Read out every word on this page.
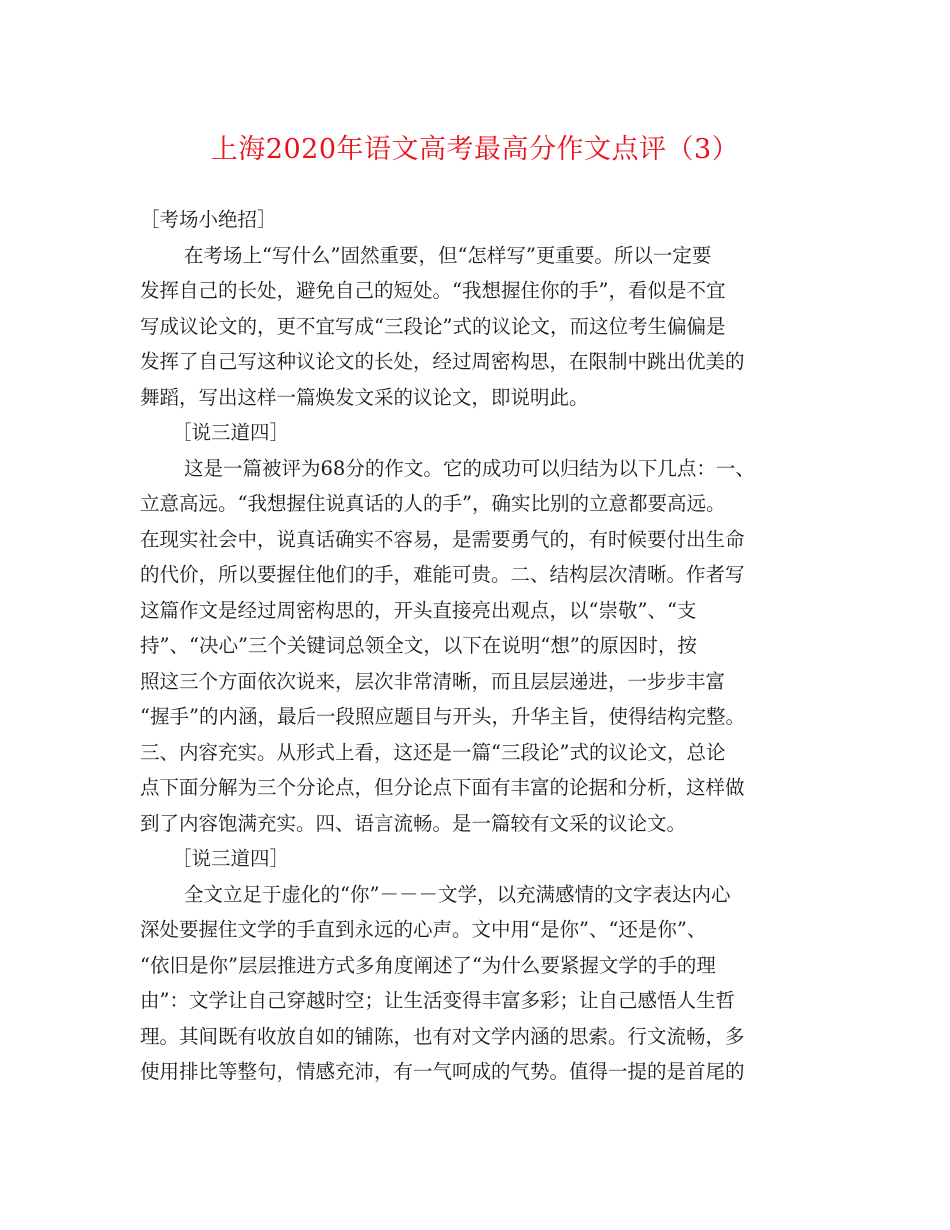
上海2020年语文高考最高分作文点评（3）
［考场小绝招］
在考场上“写什么”固然重要，但“怎样写”更重要。所以一定要
发挥自己的长处，避免自己的短处。“我想握住你的手”，看似是不宜
写成议论文的，更不宜写成“三段论”式的议论文，而这位考生偏偏是
发挥了自己写这种议论文的长处，经过周密构思，在限制中跳出优美的
舞蹈，写出这样一篇焕发文采的议论文，即说明此。
［说三道四］
这是一篇被评为68分的作文。它的成功可以归结为以下几点：一、
立意高远。“我想握住说真话的人的手”，确实比别的立意都要高远。
在现实社会中，说真话确实不容易，是需要勇气的，有时候要付出生命
的代价，所以要握住他们的手，难能可贵。二、结构层次清晰。作者写
这篇作文是经过周密构思的，开头直接亮出观点，以“崇敬”、“支
持”、“决心”三个关键词总领全文，以下在说明“想”的原因时，按
照这三个方面依次说来，层次非常清晰，而且层层递进，一步步丰富
“握手”的内涵，最后一段照应题目与开头，升华主旨，使得结构完整。
三、内容充实。从形式上看，这还是一篇“三段论”式的议论文，总论
点下面分解为三个分论点，但分论点下面有丰富的论据和分析，这样做
到了内容饱满充实。四、语言流畅。是一篇较有文采的议论文。
［说三道四］
全文立足于虚化的“你”－－－文学，以充满感情的文字表达内心
深处要握住文学的手直到永远的心声。文中用“是你”、“还是你”、
“依旧是你”层层推进方式多角度阐述了“为什么要紧握文学的手的理
由”：文学让自己穿越时空；让生活变得丰富多彩；让自己感悟人生哲
理。其间既有收放自如的铺陈，也有对文学内涵的思索。行文流畅，多
使用排比等整句，情感充沛，有一气呵成的气势。值得一提的是首尾的
